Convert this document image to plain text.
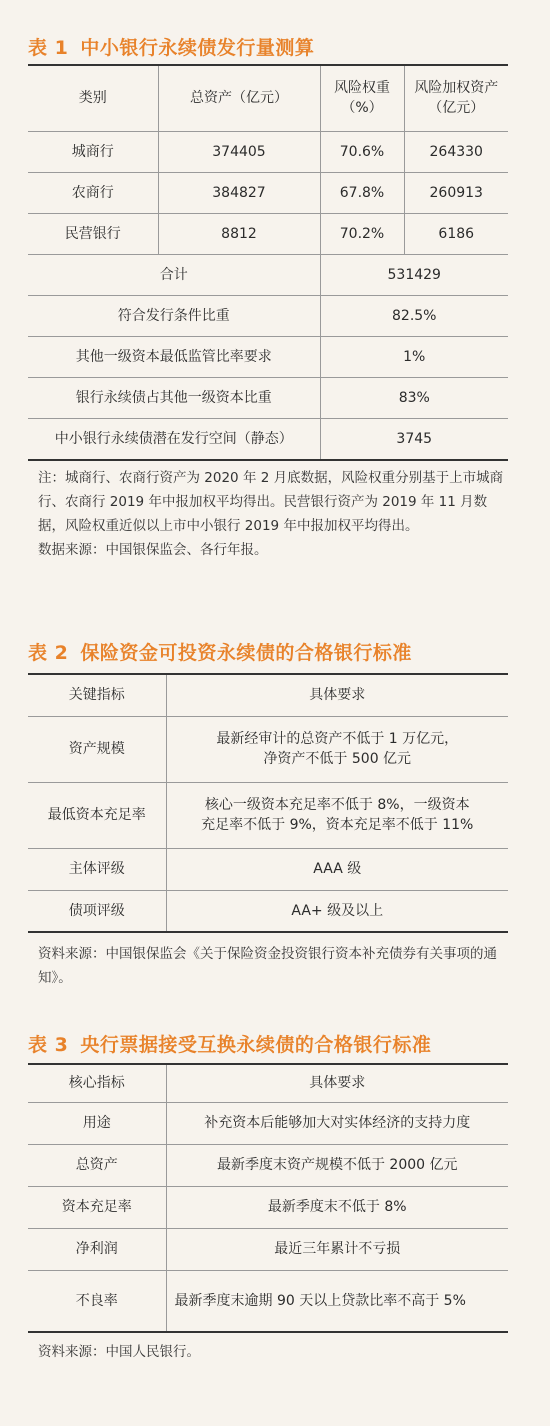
表 1 中小银行永续债发行量测算
类别	总资产（亿元）	风险权重（%）	风险加权资产（亿元）
城商行	374405	70.6%	264330
农商行	384827	67.8%	260913
民营银行	8812	70.2%	6186
合计		531429	
符合发行条件比重		82.5%	
其他一级资本最低监管比率要求		1%	
银行永续债占其他一级资本比重		83%	
中小银行永续债潜在发行空间（静态）		3745	

注：城商行、农商行资产为 2020 年 2 月底数据，风险权重分别基于上市城商行、农商行 2019 年中报加权平均得出。民营银行资产为 2019 年 11 月数据，风险权重近似以上市中小银行 2019 年中报加权平均得出。

数据来源：中国银保监会、各行年报。

表 2 保险资金可投资永续债的合格银行标准
关键指标	具体要求
资产规模	最新经审计的总资产不低于 1 万亿元，
净资产不低于 500 亿元

最低资本充足率	核心一级资本充足率不低于 8%，一级资本
充足率不低于 9%，资本充足率不低于 11%

主体评级	AAA 级
债项评级	AA+ 级及以上

资料来源：中国银保监会《关于保险资金投资银行资本补充债券有关事项的通知》。

表 3 央行票据接受互换永续债的合格银行标准
核心指标	具体要求
用途	补充资本后能够加大对实体经济的支持力度
总资产	最新季度末资产规模不低于 2000 亿元
资本充足率	最新季度末不低于 8%
净利润	最近三年累计不亏损
不良率	最新季度末逾期 90 天以上贷款比率不高于 5%

资料来源：中国人民银行。
